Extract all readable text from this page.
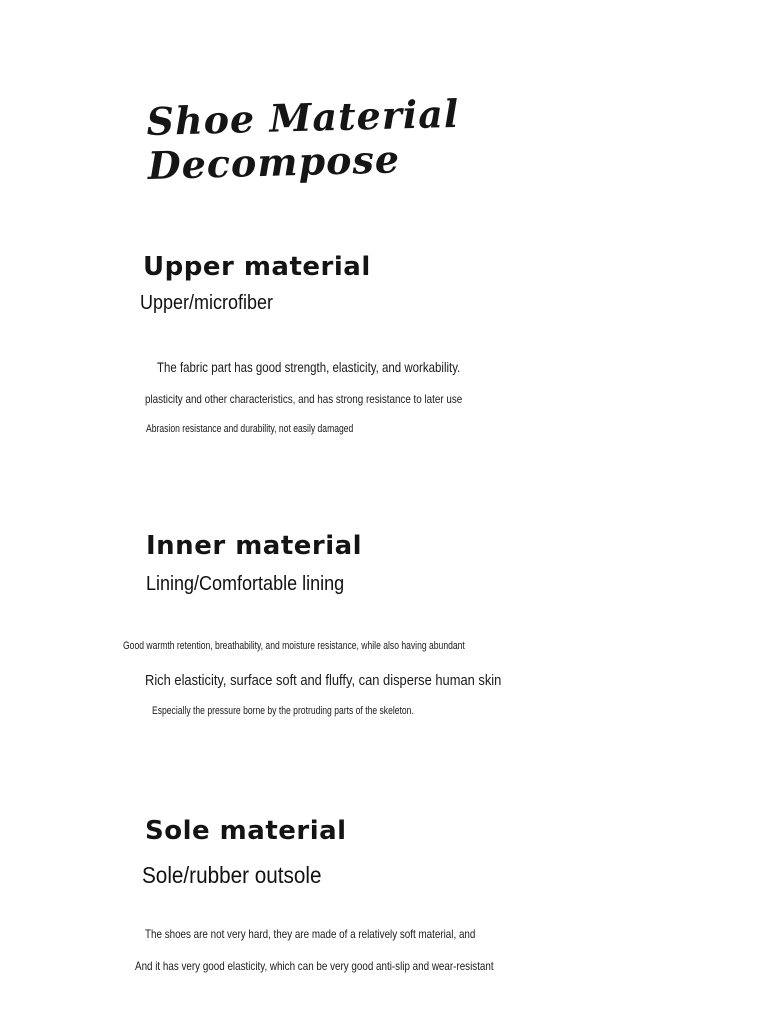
Shoe Material
Decompose
Upper material
Upper/microfiber
The fabric part has good strength, elasticity, and workability.
plasticity and other characteristics, and has strong resistance to later use
Abrasion resistance and durability, not easily damaged
Inner material
Lining/Comfortable lining
Good warmth retention, breathability, and moisture resistance, while also having abundant
Rich elasticity, surface soft and fluffy, can disperse human skin
Especially the pressure borne by the protruding parts of the skeleton.
Sole material
Sole/rubber outsole
The shoes are not very hard, they are made of a relatively soft material, and
And it has very good elasticity, which can be very good anti-slip and wear-resistant
